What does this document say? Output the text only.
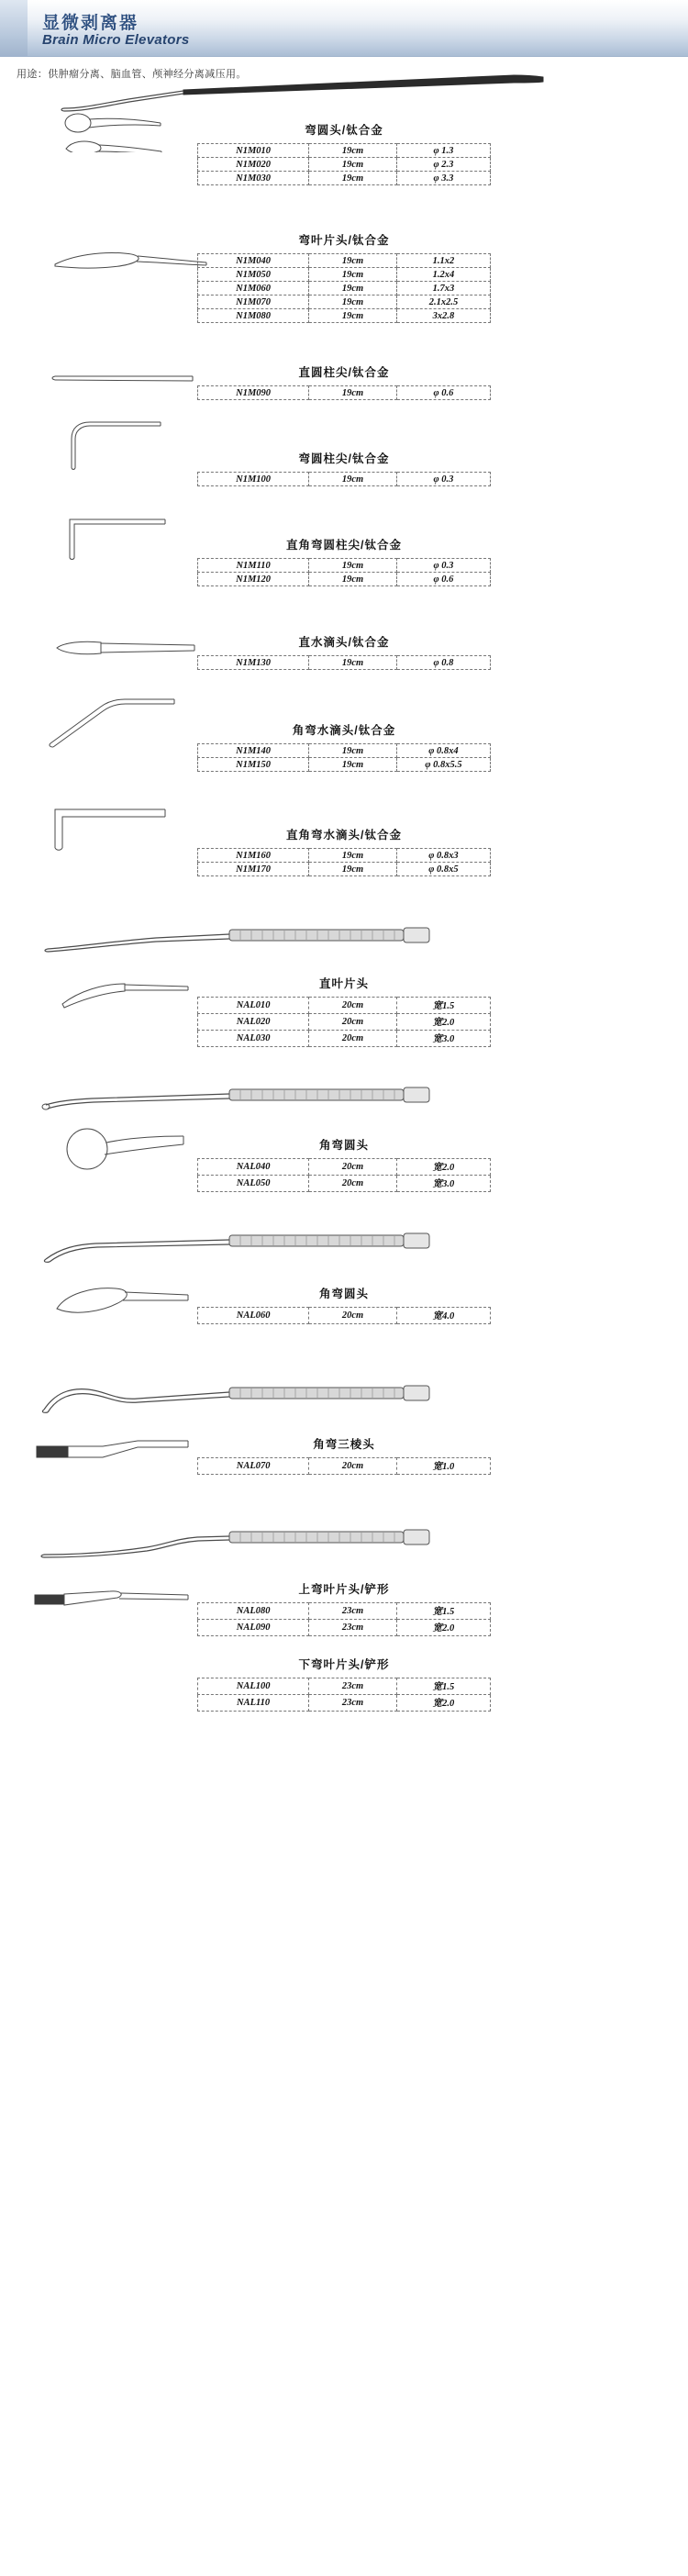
显微剥离器
Brain Micro Elevators
用途：供肿瘤分离、脑血管、颅神经分离减压用。
弯圆头/钛合金
N1M010	19cm	φ 1.3
N1M020	19cm	φ 2.3
N1M030	19cm	φ 3.3
弯叶片头/钛合金
N1M040	19cm	1.1x2
N1M050	19cm	1.2x4
N1M060	19cm	1.7x3
N1M070	19cm	2.1x2.5
N1M080	19cm	3x2.8
直圆柱尖/钛合金
N1M090	19cm	φ 0.6
弯圆柱尖/钛合金
N1M100	19cm	φ 0.3
直角弯圆柱尖/钛合金
N1M110	19cm	φ 0.3
N1M120	19cm	φ 0.6
直水滴头/钛合金
N1M130	19cm	φ 0.8
角弯水滴头/钛合金
N1M140	19cm	φ 0.8x4
N1M150	19cm	φ 0.8x5.5
直角弯水滴头/钛合金
N1M160	19cm	φ 0.8x3
N1M170	19cm	φ 0.8x5
直叶片头
NAL010	20cm	宽1.5
NAL020	20cm	宽2.0
NAL030	20cm	宽3.0
角弯圆头
NAL040	20cm	宽2.0
NAL050	20cm	宽3.0
角弯圆头
NAL060	20cm	宽4.0
角弯三棱头
NAL070	20cm	宽1.0
上弯叶片头/铲形
NAL080	23cm	宽1.5
NAL090	23cm	宽2.0
下弯叶片头/铲形
NAL100	23cm	宽1.5
NAL110	23cm	宽2.0
